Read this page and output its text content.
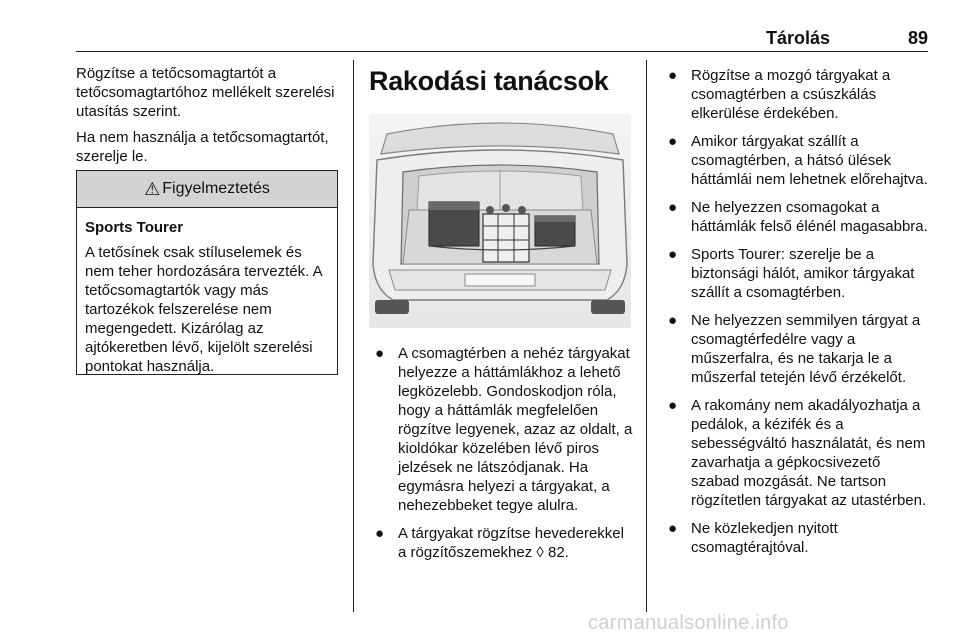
Tárolás	89

Rögzítse a tetőcsomagtartót a tetőcsomagtartóhoz mellékelt szerelési utasítás szerint.

Ha nem használja a tetőcsomagtartót, szerelje le.

⚠ Figyelmeztetés
Sports Tourer
A tetősínek csak stíluselemek és nem teher hordozására tervezték. A tetőcsomagtartók vagy más tartozékok felszerelése nem megengedett. Kizárólag az ajtókeretben lévő, kijelölt szerelési pontokat használja.
Rakodási tanácsok
● A csomagtérben a nehéz tárgyakat helyezze a háttámlákhoz a lehető legközelebb. Gondoskodjon róla, hogy a háttámlák megfelelően rögzítve legyenek, azaz az oldalt, a kioldókar közelében lévő piros jelzések ne látszódjanak. Ha egymásra helyezi a tárgyakat, a nehezebbeket tegye alulra.
● A tárgyakat rögzítse hevederekkel a rögzítőszemekhez ◊ 82.
● Rögzítse a mozgó tárgyakat a csomagtérben a csúszkálás elkerülése érdekében.
● Amikor tárgyakat szállít a csomagtérben, a hátsó ülések háttámlái nem lehetnek előrehajtva.
● Ne helyezzen csomagokat a háttámlák felső élénél magasabbra.
● Sports Tourer: szerelje be a biztonsági hálót, amikor tárgyakat szállít a csomagtérben.
● Ne helyezzen semmilyen tárgyat a csomagtérfedélre vagy a műszerfalra, és ne takarja le a műszerfal tetején lévő érzékelőt.
● A rakomány nem akadályozhatja a pedálok, a kézifék és a sebességváltó használatát, és nem zavarhatja a gépkocsivezető szabad mozgását. Ne tartson rögzítetlen tárgyakat az utastérben.
● Ne közlekedjen nyitott csomagtérajtóval.
carmanualsonline.info
